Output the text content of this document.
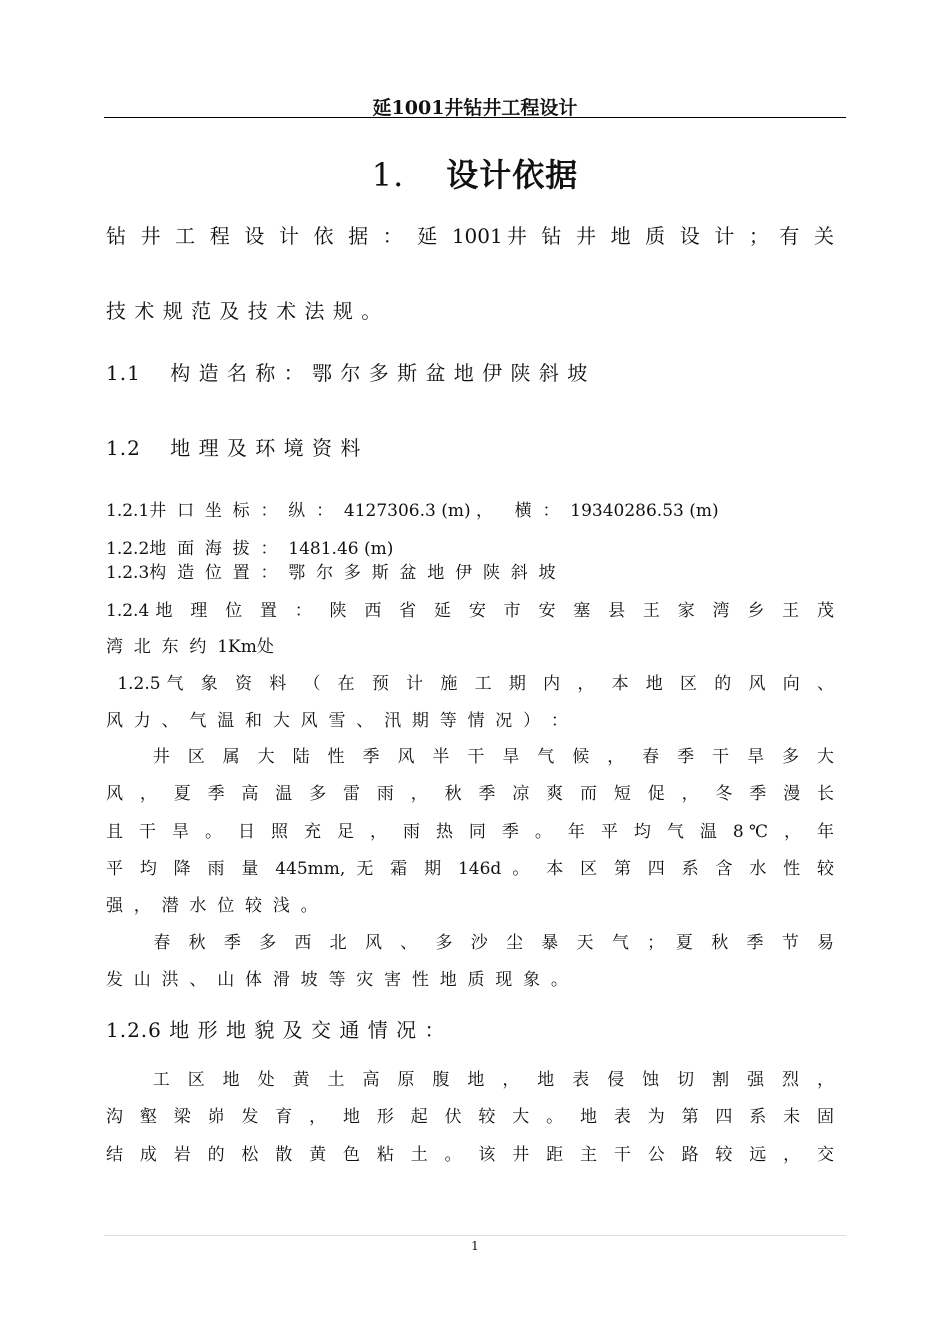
延1001井钻井工程设计
1. 设计依据
钻 井 工 程 设 计 依 据 ： 延 1001井 钻 井 地 质 设 计 ； 有 关
技 术 规 范 及 技 术 法 规 。
1.1    构 造 名 称 ： 鄂 尔 多 斯 盆 地 伊 陕 斜 坡
1.2    地 理 及 环 境 资 料
1.2.1井  口  坐  标  ：  纵  ：  4127306.3 (m) ，    横  ：  19340286.53 (m)
1.2.2地  面  海  拔  ：  1481.46 (m)
1.2.3构  造  位  置  ：  鄂  尔  多  斯  盆  地  伊  陕  斜  坡
1.2.4地 理 位 置 ： 陕 西 省 延 安 市 安 塞 县 王 家 湾 乡 王 茂
湾  北  东  约  1Km处
1.2.5气 象 资 料 （ 在 预 计 施 工 期 内 ， 本 地 区 的 风 向 、
风  力  、  气  温  和  大  风  雪  、  汛  期  等  情  况  ）  ：
井 区 属 大 陆 性 季 风 半 干 旱 气 候 ， 春 季 干 旱 多 大
风 ， 夏 季 高 温 多 雷 雨 ， 秋 季 凉 爽 而 短 促 ， 冬 季 漫 长
且 干 旱 。 日 照 充 足 ， 雨 热 同 季 。 年 平 均 气 温 8℃ ， 年
平 均 降 雨 量 445mm, 无 霜 期 146d 。 本 区 第 四 系 含 水 性 较
强  ，  潜  水  位  较  浅  。
春 秋 季 多 西 北 风 、 多 沙 尘 暴 天 气 ； 夏 秋 季 节 易
发  山  洪  、  山  体  滑  坡  等  灾  害  性  地  质  现  象  。
1.2.6 地 形 地 貌 及 交 通 情 况 ：
工 区 地 处 黄 土 高 原 腹 地 ， 地 表 侵 蚀 切 割 强 烈 ，
沟 壑 梁 峁 发 育 ， 地 形 起 伏 较 大 。 地 表 为 第 四 系 未 固
结 成 岩 的 松 散 黄 色 粘 土 。 该 井 距 主 干 公 路 较 远 ， 交
1
